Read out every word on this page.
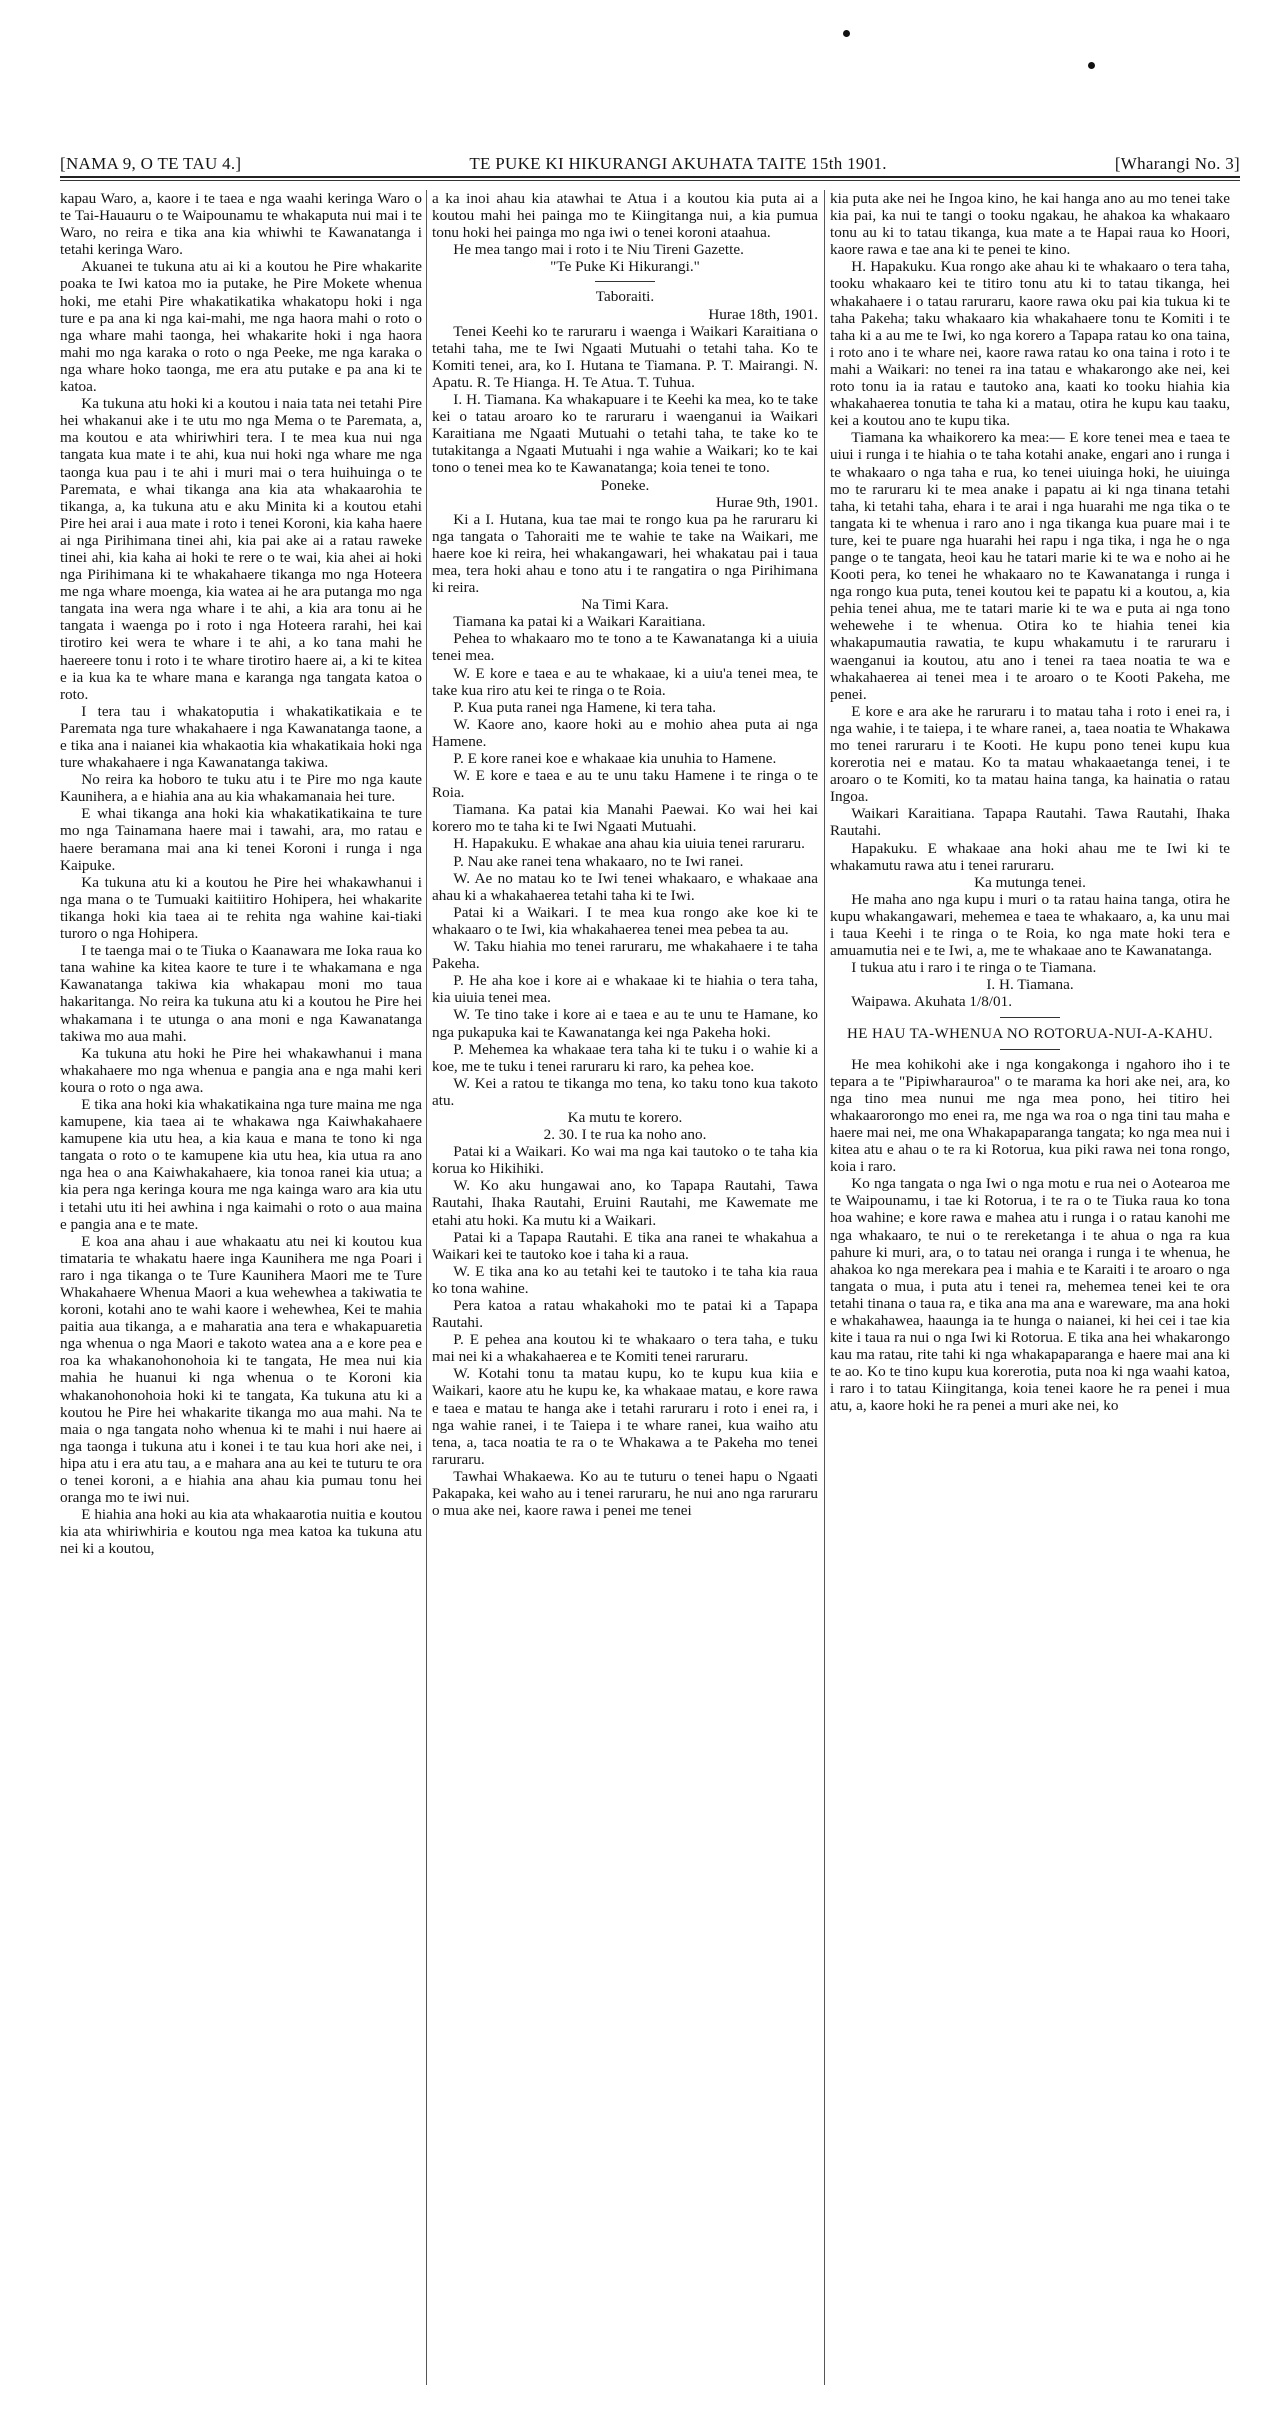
[NAMA 9, O TE TAU 4.]	TE PUKE KI HIKURANGI AKUHATA TAITE 15th 1901.	[Wharangi No. 3]

kapau Waro, a, kaore i te taea e nga waahi keringa Waro o te Tai-Hauauru o te Waipounamu te whakaputa nui mai i te Waro, no reira e tika ana kia whiwhi te Kawanatanga i tetahi keringa Waro.

Akuanei te tukuna atu ai ki a koutou he Pire whakarite poaka te Iwi katoa mo ia putake, he Pire Mokete whenua hoki, me etahi Pire whakatikatika whakatopu hoki i nga ture e pa ana ki nga kai-mahi, me nga haora mahi o roto o nga whare mahi taonga, hei whakarite hoki i nga haora mahi mo nga karaka o roto o nga Peeke, me nga karaka o nga whare hoko taonga, me era atu putake e pa ana ki te katoa.

Ka tukuna atu hoki ki a koutou i naia tata nei tetahi Pire hei whakanui ake i te utu mo nga Mema o te Paremata, a, ma koutou e ata whiriwhiri tera. I te mea kua nui nga tangata kua mate i te ahi, kua nui hoki nga whare me nga taonga kua pau i te ahi i muri mai o tera huihuinga o te Paremata, e whai tikanga ana kia ata whakaarohia te tikanga, a, ka tukuna atu e aku Minita ki a koutou etahi Pire hei arai i aua mate i roto i tenei Koroni, kia kaha haere ai nga Pirihimana tinei ahi, kia pai ake ai a ratau raweke tinei ahi, kia kaha ai hoki te rere o te wai, kia ahei ai hoki nga Pirihimana ki te whakahaere tikanga mo nga Hoteera me nga whare moenga, kia watea ai he ara putanga mo nga tangata ina wera nga whare i te ahi, a kia ara tonu ai he tangata i waenga po i roto i nga Hoteera rarahi, hei kai tirotiro kei wera te whare i te ahi, a ko tana mahi he haereere tonu i roto i te whare tirotiro haere ai, a ki te kitea e ia kua ka te whare mana e karanga nga tangata katoa o roto.

I tera tau i whakatoputia i whakatikatikaia e te Paremata nga ture whakahaere i nga Kawanatanga taone, a e tika ana i naianei kia whakaotia kia whakatikaia hoki nga ture whakahaere i nga Kawanatanga takiwa.

No reira ka hoboro te tuku atu i te Pire mo nga kaute Kaunihera, a e hiahia ana au kia whakamanaia hei ture.

E whai tikanga ana hoki kia whakatikatikaina te ture mo nga Tainamana haere mai i tawahi, ara, mo ratau e haere beramana mai ana ki tenei Koroni i runga i nga Kaipuke.

Ka tukuna atu ki a koutou he Pire hei whakawhanui i nga mana o te Tumuaki kaitiitiro Hohipera, hei whakarite tikanga hoki kia taea ai te rehita nga wahine kai-tiaki turoro o nga Hohipera.

I te taenga mai o te Tiuka o Kaanawara me Ioka raua ko tana wahine ka kitea kaore te ture i te whakamana e nga Kawanatanga takiwa kia whakapau moni mo taua hakaritanga. No reira ka tukuna atu ki a koutou he Pire hei whakamana i te utunga o ana moni e nga Kawanatanga takiwa mo aua mahi.

Ka tukuna atu hoki he Pire hei whakawhanui i mana whakahaere mo nga whenua e pangia ana e nga mahi keri koura o roto o nga awa.

E tika ana hoki kia whakatikaina nga ture maina me nga kamupene, kia taea ai te whakawa nga Kaiwhakahaere kamupene kia utu hea, a kia kaua e mana te tono ki nga tangata o roto o te kamupene kia utu hea, kia utua ra ano nga hea o ana Kaiwhakahaere, kia tonoa ranei kia utua; a kia pera nga keringa koura me nga kainga waro ara kia utu i tetahi utu iti hei awhina i nga kaimahi o roto o aua maina e pangia ana e te mate.

E koa ana ahau i aue whakaatu atu nei ki koutou kua timataria te whakatu haere inga Kaunihera me nga Poari i raro i nga tikanga o te Ture Kaunihera Maori me te Ture Whakahaere Whenua Maori a kua wehewhea a takiwatia te koroni, kotahi ano te wahi kaore i wehewhea, Kei te mahia paitia aua tikanga, a e maharatia ana tera e whakapuaretia nga whenua o nga Maori e takoto watea ana a e kore pea e roa ka whakanohonohoia ki te tangata, He mea nui kia mahia he huanui ki nga whenua o te Koroni kia whakanohonohoia hoki ki te tangata, Ka tukuna atu ki a koutou he Pire hei whakarite tikanga mo aua mahi. Na te maia o nga tangata noho whenua ki te mahi i nui haere ai nga taonga i tukuna atu i konei i te tau kua hori ake nei, i hipa atu i era atu tau, a e mahara ana au kei te tuturu te ora o tenei koroni, a e hiahia ana ahau kia pumau tonu hei oranga mo te iwi nui.

E hiahia ana hoki au kia ata whakaarotia nuitia e koutou kia ata whiriwhiria e koutou nga mea katoa ka tukuna atu nei ki a koutou,

a ka inoi ahau kia atawhai te Atua i a koutou kia puta ai a koutou mahi hei painga mo te Kiingitanga nui, a kia pumua tonu hoki hei painga mo nga iwi o tenei koroni ataahua.

He mea tango mai i roto i te Niu Tireni Gazette.

"Te Puke Ki Hikurangi."

Taboraiti.

Hurae 18th, 1901.

Tenei Keehi ko te raruraru i waenga i Waikari Karaitiana o tetahi taha, me te Iwi Ngaati Mutuahi o tetahi taha. Ko te Komiti tenei, ara, ko I. Hutana te Tiamana. P. T. Mairangi. N. Apatu. R. Te Hianga. H. Te Atua. T. Tuhua.

I. H. Tiamana. Ka whakapuare i te Keehi ka mea, ko te take kei o tatau aroaro ko te raruraru i waenganui ia Waikari Karaitiana me Ngaati Mutuahi o tetahi taha, te take ko te tutakitanga a Ngaati Mutuahi i nga wahie a Waikari; ko te kai tono o tenei mea ko te Kawanatanga; koia tenei te tono.

Poneke.

Hurae 9th, 1901.

Ki a I. Hutana, kua tae mai te rongo kua pa he raruraru ki nga tangata o Tahoraiti me te wahie te take na Waikari, me haere koe ki reira, hei whakangawari, hei whakatau pai i taua mea, tera hoki ahau e tono atu i te rangatira o nga Pirihimana ki reira.

Na Timi Kara.

Tiamana ka patai ki a Waikari Karaitiana.

Pehea to whakaaro mo te tono a te Kawanatanga ki a uiuia tenei mea.

W. E kore e taea e au te whakaae, ki a uiu'a tenei mea, te take kua riro atu kei te ringa o te Roia.

P. Kua puta ranei nga Hamene, ki tera taha.

W. Kaore ano, kaore hoki au e mohio ahea puta ai nga Hamene.

P. E kore ranei koe e whakaae kia unuhia to Hamene.

W. E kore e taea e au te unu taku Hamene i te ringa o te Roia.

Tiamana. Ka patai kia Manahi Paewai. Ko wai hei kai korero mo te taha ki te Iwi Ngaati Mutuahi.

H. Hapakuku. E whakae ana ahau kia uiuia tenei raruraru.

P. Nau ake ranei tena whakaaro, no te Iwi ranei.

W. Ae no matau ko te Iwi tenei whakaaro, e whakaae ana ahau ki a whakahaerea tetahi taha ki te Iwi.

Patai ki a Waikari. I te mea kua rongo ake koe ki te whakaaro o te Iwi, kia whakahaerea tenei mea pebea ta au.

W. Taku hiahia mo tenei raruraru, me whakahaere i te taha Pakeha.

P. He aha koe i kore ai e whakaae ki te hiahia o tera taha, kia uiuia tenei mea.

W. Te tino take i kore ai e taea e au te unu te Hamane, ko nga pukapuka kai te Kawanatanga kei nga Pakeha hoki.

P. Mehemea ka whakaae tera taha ki te tuku i o wahie ki a koe, me te tuku i tenei raruraru ki raro, ka pehea koe.

W. Kei a ratou te tikanga mo tena, ko taku tono kua takoto atu.

Ka mutu te korero.

2. 30. I te rua ka noho ano.

Patai ki a Waikari. Ko wai ma nga kai tautoko o te taha kia korua ko Hikihiki.

W. Ko aku hungawai ano, ko Tapapa Rautahi, Tawa Rautahi, Ihaka Rautahi, Eruini Rautahi, me Kawemate me etahi atu hoki. Ka mutu ki a Waikari.

Patai ki a Tapapa Rautahi. E tika ana ranei te whakahua a Waikari kei te tautoko koe i taha ki a raua.

W. E tika ana ko au tetahi kei te tautoko i te taha kia raua ko tona wahine.

Pera katoa a ratau whakahoki mo te patai ki a Tapapa Rautahi.

P. E pehea ana koutou ki te whakaaro o tera taha, e tuku mai nei ki a whakahaerea e te Komiti tenei raruraru.

W. Kotahi tonu ta matau kupu, ko te kupu kua kiia e Waikari, kaore atu he kupu ke, ka whakaae matau, e kore rawa e taea e matau te hanga ake i tetahi raruraru i roto i enei ra, i nga wahie ranei, i te Taiepa i te whare ranei, kua waiho atu tena, a, taca noatia te ra o te Whakawa a te Pakeha mo tenei raruraru.

Tawhai Whakaewa. Ko au te tuturu o tenei hapu o Ngaati Pakapaka, kei waho au i tenei raruraru, he nui ano nga raruraru o mua ake nei, kaore rawa i penei me tenei

kia puta ake nei he Ingoa kino, he kai hanga ano au mo tenei take kia pai, ka nui te tangi o tooku ngakau, he ahakoa ka whakaaro tonu au ki to tatau tikanga, kua mate a te Hapai raua ko Hoori, kaore rawa e tae ana ki te penei te kino.

H. Hapakuku. Kua rongo ake ahau ki te whakaaro o tera taha, tooku whakaaro kei te titiro tonu atu ki to tatau tikanga, hei whakahaere i o tatau raruraru, kaore rawa oku pai kia tukua ki te taha Pakeha; taku whakaaro kia whakahaere tonu te Komiti i te taha ki a au me te Iwi, ko nga korero a Tapapa ratau ko ona taina, i roto ano i te whare nei, kaore rawa ratau ko ona taina i roto i te mahi a Waikari: no tenei ra ina tatau e whakarongo ake nei, kei roto tonu ia ia ratau e tautoko ana, kaati ko tooku hiahia kia whakahaerea tonutia te taha ki a matau, otira he kupu kau taaku, kei a koutou ano te kupu tika.

Tiamana ka whaikorero ka mea:— E kore tenei mea e taea te uiui i runga i te hiahia o te taha kotahi anake, engari ano i runga i te whakaaro o nga taha e rua, ko tenei uiuinga hoki, he uiuinga mo te raruraru ki te mea anake i papatu ai ki nga tinana tetahi taha, ki tetahi taha, ehara i te arai i nga huarahi me nga tika o te tangata ki te whenua i raro ano i nga tikanga kua puare mai i te ture, kei te puare nga huarahi hei rapu i nga tika, i nga he o nga pange o te tangata, heoi kau he tatari marie ki te wa e noho ai he Kooti pera, ko tenei he whakaaro no te Kawanatanga i runga i nga rongo kua puta, tenei koutou kei te papatu ki a koutou, a, kia pehia tenei ahua, me te tatari marie ki te wa e puta ai nga tono wehewehe i te whenua. Otira ko te hiahia tenei kia whakapumautia rawatia, te kupu whakamutu i te raruraru i waenganui ia koutou, atu ano i tenei ra taea noatia te wa e whakahaerea ai tenei mea i te aroaro o te Kooti Pakeha, me penei.

E kore e ara ake he raruraru i to matau taha i roto i enei ra, i nga wahie, i te taiepa, i te whare ranei, a, taea noatia te Whakawa mo tenei raruraru i te Kooti. He kupu pono tenei kupu kua korerotia nei e matau. Ko ta matau whakaaetanga tenei, i te aroaro o te Komiti, ko ta matau haina tanga, ka hainatia o ratau Ingoa.

Waikari Karaitiana. Tapapa Rautahi. Tawa Rautahi, Ihaka Rautahi.

Hapakuku. E whakaae ana hoki ahau me te Iwi ki te whakamutu rawa atu i tenei raruraru.

Ka mutunga tenei.

He maha ano nga kupu i muri o ta ratau haina tanga, otira he kupu whakangawari, mehemea e taea te whakaaro, a, ka unu mai i taua Keehi i te ringa o te Roia, ko nga mate hoki tera e amuamutia nei e te Iwi, a, me te whakaae ano te Kawanatanga.

I tukua atu i raro i te ringa o te Tiamana.

I. H. Tiamana.

Waipawa. Akuhata 1/8/01.

HE HAU TA-WHENUA NO ROTORUA-NUI-A-KAHU.

He mea kohikohi ake i nga kongakonga i ngahoro iho i te tepara a te "Pipiwharauroa" o te marama ka hori ake nei, ara, ko nga tino mea nunui me nga mea pono, hei titiro hei whakaarorongo mo enei ra, me nga wa roa o nga tini tau maha e haere mai nei, me ona Whakapaparanga tangata; ko nga mea nui i kitea atu e ahau o te ra ki Rotorua, kua piki rawa nei tona rongo, koia i raro.

Ko nga tangata o nga Iwi o nga motu e rua nei o Aotearoa me te Waipounamu, i tae ki Rotorua, i te ra o te Tiuka raua ko tona hoa wahine; e kore rawa e mahea atu i runga i o ratau kanohi me nga whakaaro, te nui o te rereketanga i te ahua o nga ra kua pahure ki muri, ara, o to tatau nei oranga i runga i te whenua, he ahakoa ko nga merekara pea i mahia e te Karaiti i te aroaro o nga tangata o mua, i puta atu i tenei ra, mehemea tenei kei te ora tetahi tinana o taua ra, e tika ana ma ana e wareware, ma ana hoki e whakahawea, haaunga ia te hunga o naianei, ki hei cei i tae kia kite i taua ra nui o nga Iwi ki Rotorua. E tika ana hei whakarongo kau ma ratau, rite tahi ki nga whakapaparanga e haere mai ana ki te ao. Ko te tino kupu kua korerotia, puta noa ki nga waahi katoa, i raro i to tatau Kiingitanga, koia tenei kaore he ra penei i mua atu, a, kaore hoki he ra penei a muri ake nei, ko
